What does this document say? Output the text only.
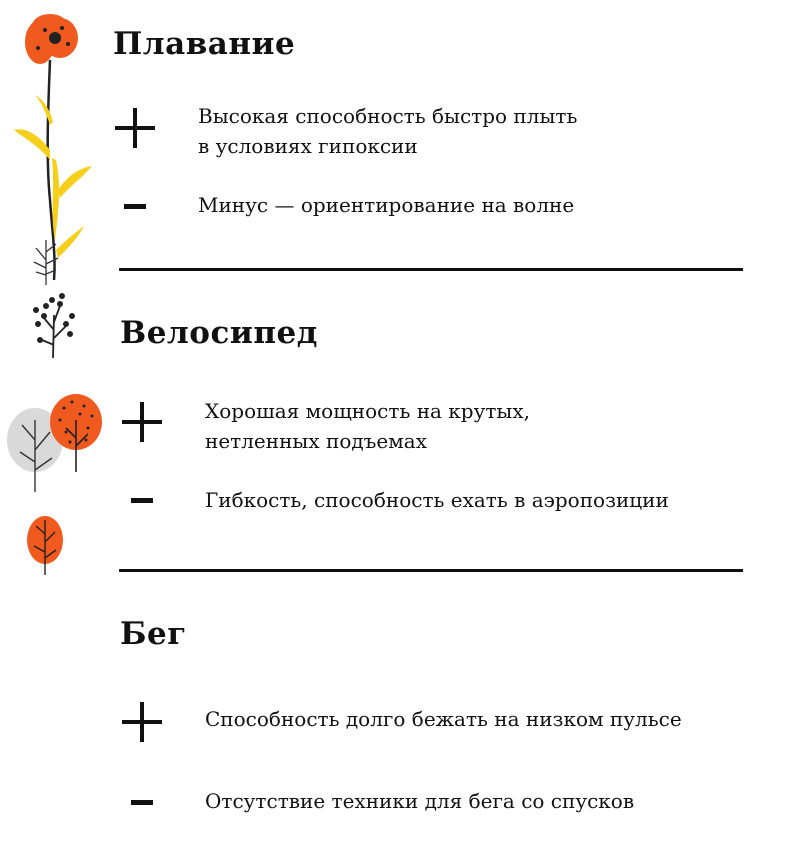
Плавание
Высокая способность быстро плыть
в условиях гипоксии
Минус — ориентирование на волне
Велосипед
Хорошая мощность на крутых,
нетленных подъемах
Гибкость, способность ехать в аэропозиции
Бег
Способность долго бежать на низком пульсе
Отсутствие техники для бега со спусков
